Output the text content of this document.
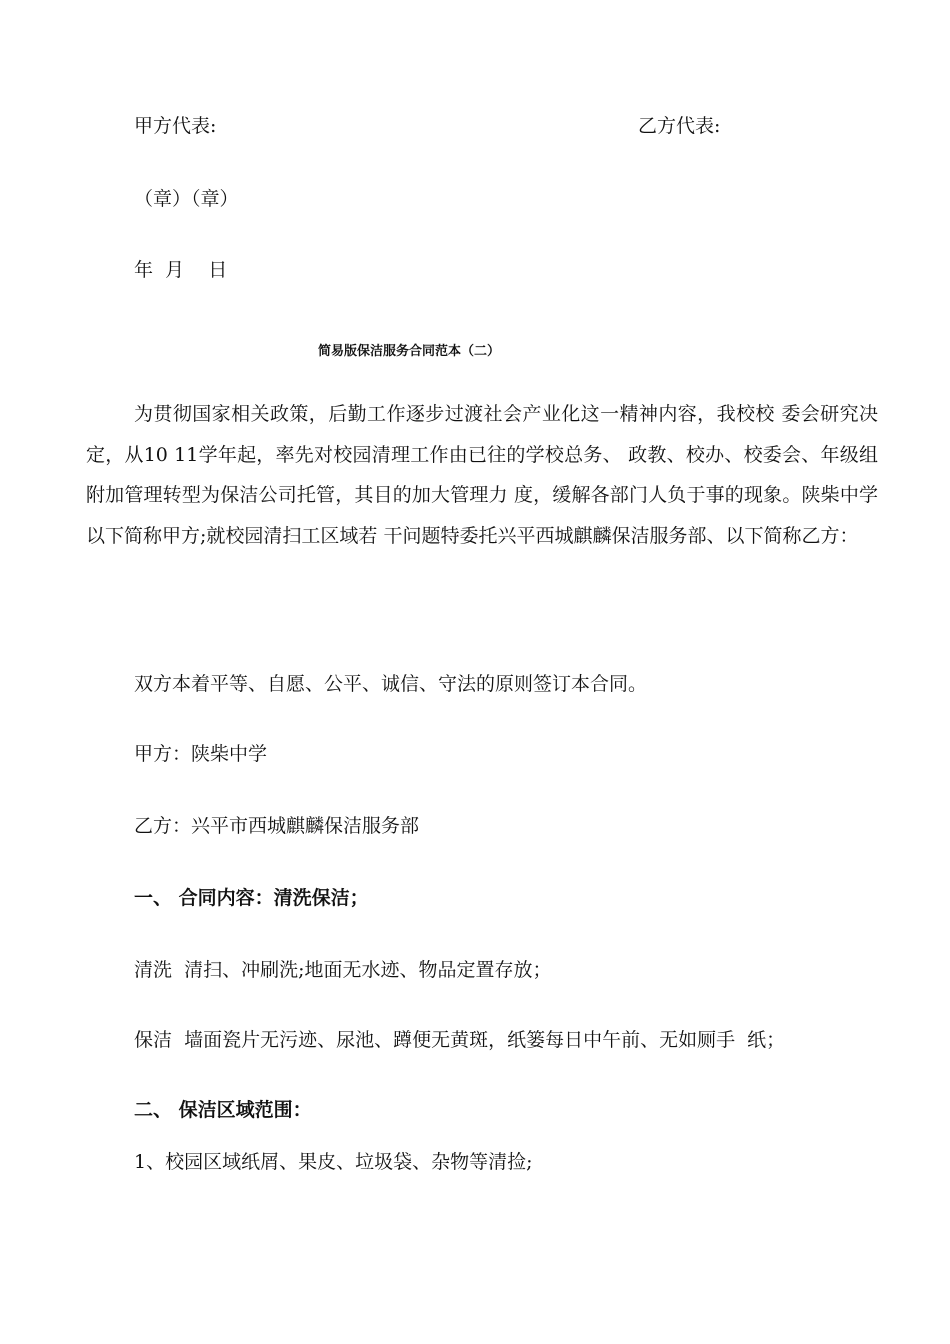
甲方代表:	乙方代表:

（章）（章）

年  月    日

简易版保洁服务合同范本（二）

为贯彻国家相关政策，后勤工作逐步过渡社会产业化这一精神内容，我校校 委会研究决定，从10 11学年起，率先对校园清理工作由已往的学校总务、 政教、校办、校委会、年级组附加管理转型为保洁公司托管，其目的加大管理力 度，缓解各部门人负于事的现象。陕柴中学以下简称甲方;就校园清扫工区域若 干问题特委托兴平西城麒麟保洁服务部、以下简称乙方：

双方本着平等、自愿、公平、诚信、守法的原则签订本合同。

甲方：陕柴中学

乙方：兴平市西城麒麟保洁服务部

一、 合同内容：清洗保洁；

清洗  清扫、冲刷洗;地面无水迹、物品定置存放；

保洁  墙面瓷片无污迹、尿池、蹲便无黄斑，纸篓每日中午前、无如厕手  纸；

二、 保洁区域范围：

1、校园区域纸屑、果皮、垃圾袋、杂物等清捡;
